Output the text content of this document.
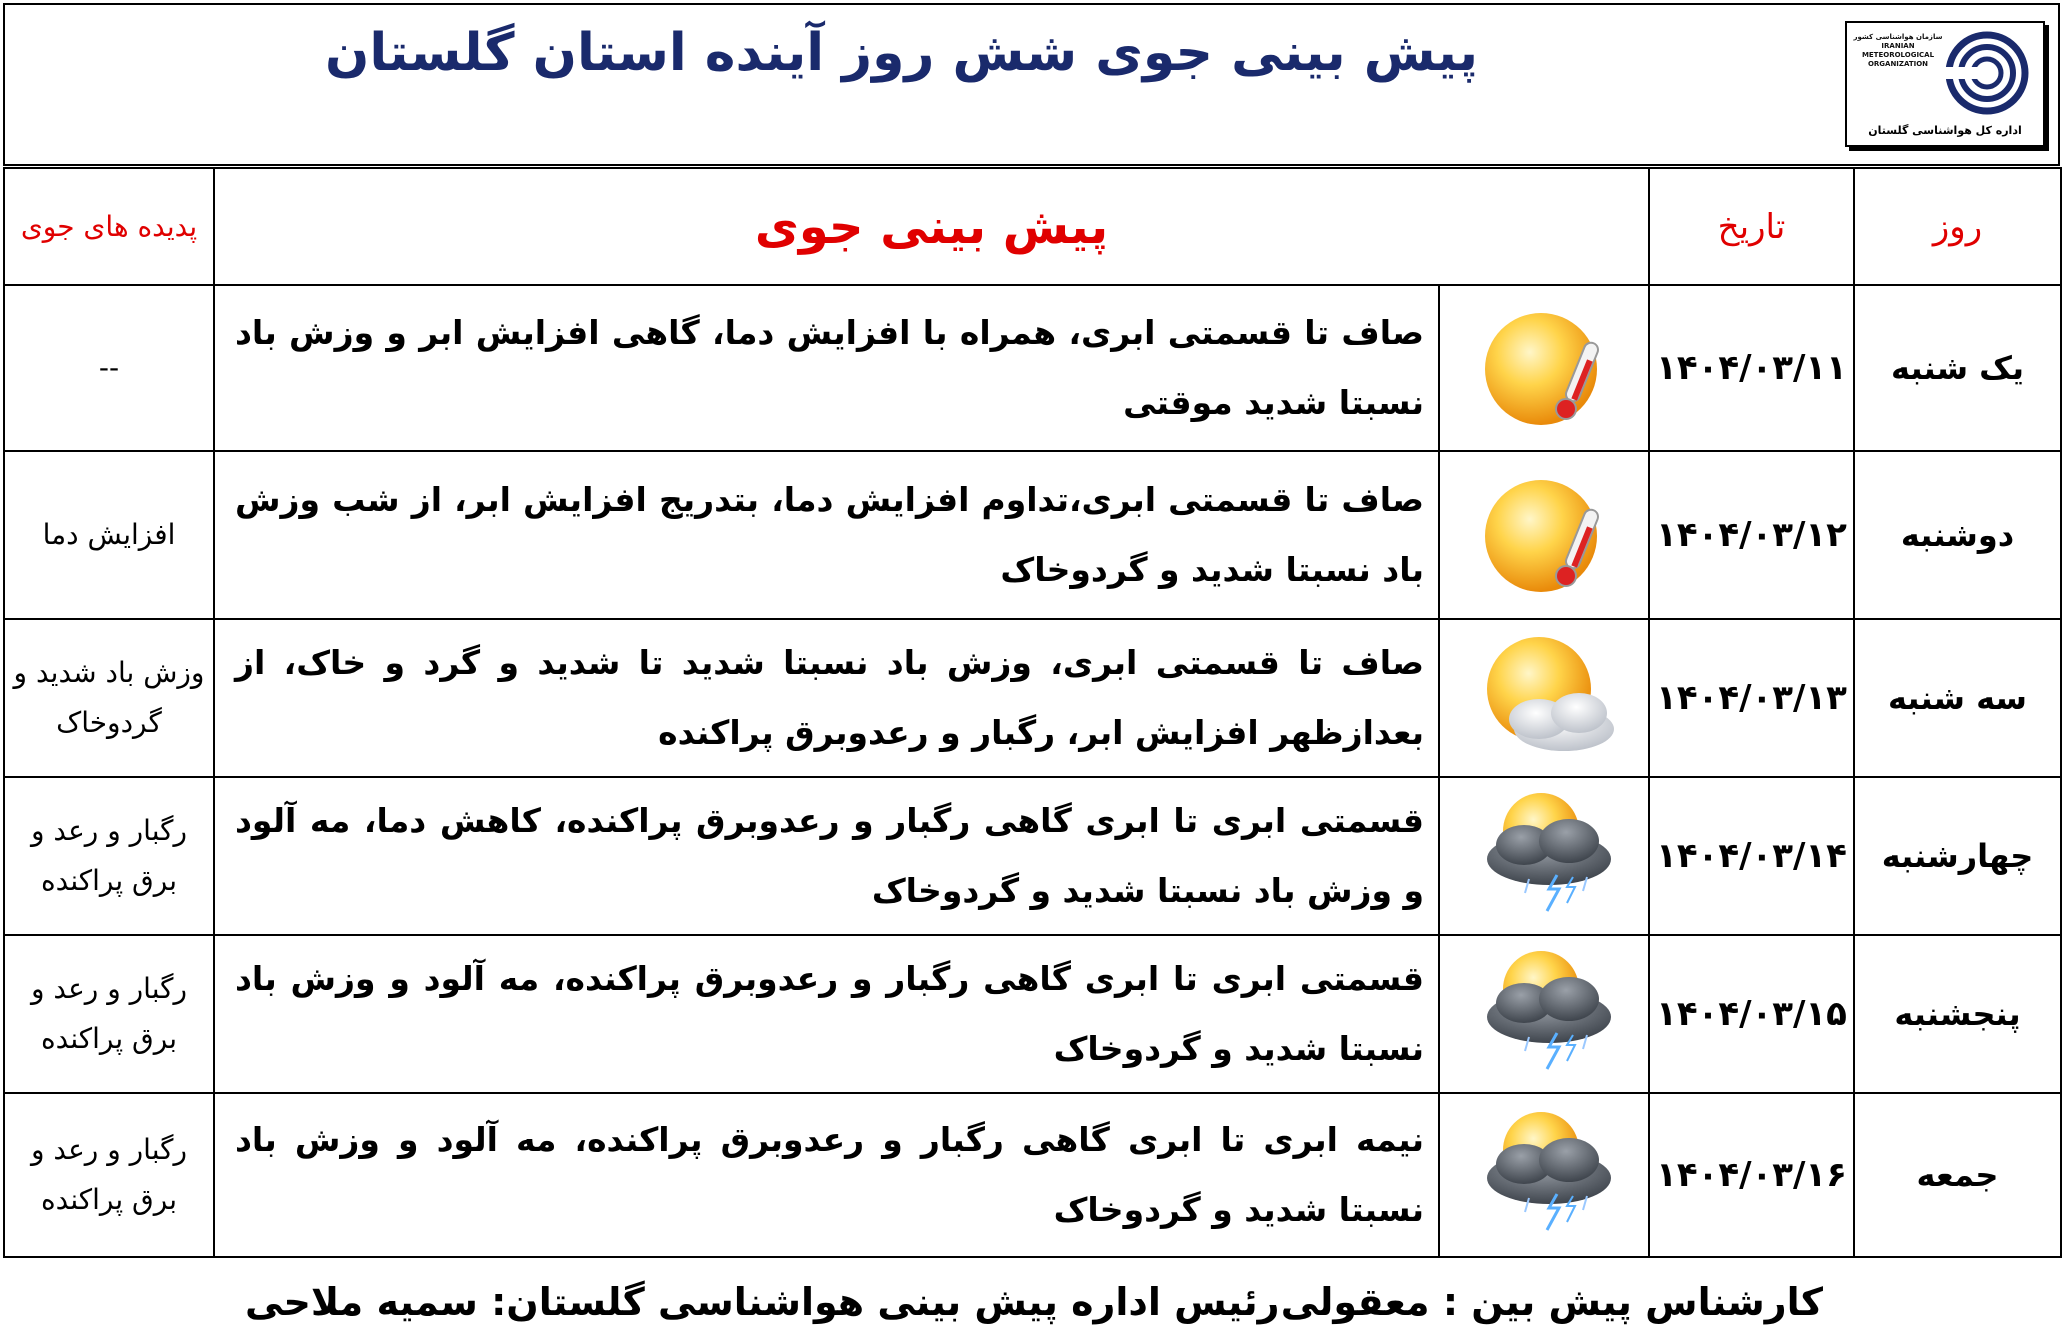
پیش بینی جوی شش روز آینده استان گلستان	سازمان هواشناسی کشور IRANIAN METEOROLOGICAL ORGANIZATION
اداره کل هواشناسی گلستان
پدیده های جوی	پیش بینی جوی		تاریخ	روز
--	صاف تا قسمتی ابری، همراه با افزایش دما، گاهی افزایش ابر و وزش باد نسبتا شدید موقتی		۱۴۰۴/۰۳/۱۱	یک شنبه
افزایش دما	صاف تا قسمتی ابری،تداوم افزایش دما، بتدریج افزایش ابر، از شب وزش باد نسبتا شدید و گردوخاک		۱۴۰۴/۰۳/۱۲	دوشنبه
وزش باد شدید و گردوخاک	صاف تا قسمتی ابری، وزش باد نسبتا شدید تا شدید و گرد و خاک، از بعدازظهر افزایش ابر، رگبار و رعدوبرق پراکنده		۱۴۰۴/۰۳/۱۳	سه شنبه
رگبار و رعد و برق پراکنده	قسمتی ابری تا ابری گاهی رگبار و رعدوبرق پراکنده، کاهش دما، مه آلود و وزش باد نسبتا شدید و گردوخاک		۱۴۰۴/۰۳/۱۴	چهارشنبه
رگبار و رعد و برق پراکنده	قسمتی ابری تا ابری گاهی رگبار و رعدوبرق پراکنده، مه آلود و وزش باد نسبتا شدید و گردوخاک		۱۴۰۴/۰۳/۱۵	پنجشنبه
رگبار و رعد و برق پراکنده	نیمه ابری تا ابری گاهی رگبار و رعدوبرق پراکنده، مه آلود و وزش باد نسبتا شدید و گردوخاک		۱۴۰۴/۰۳/۱۶	جمعه
کارشناس پیش بین : معقولی
رئیس اداره پیش بینی هواشناسی گلستان: سمیه ملاحی
